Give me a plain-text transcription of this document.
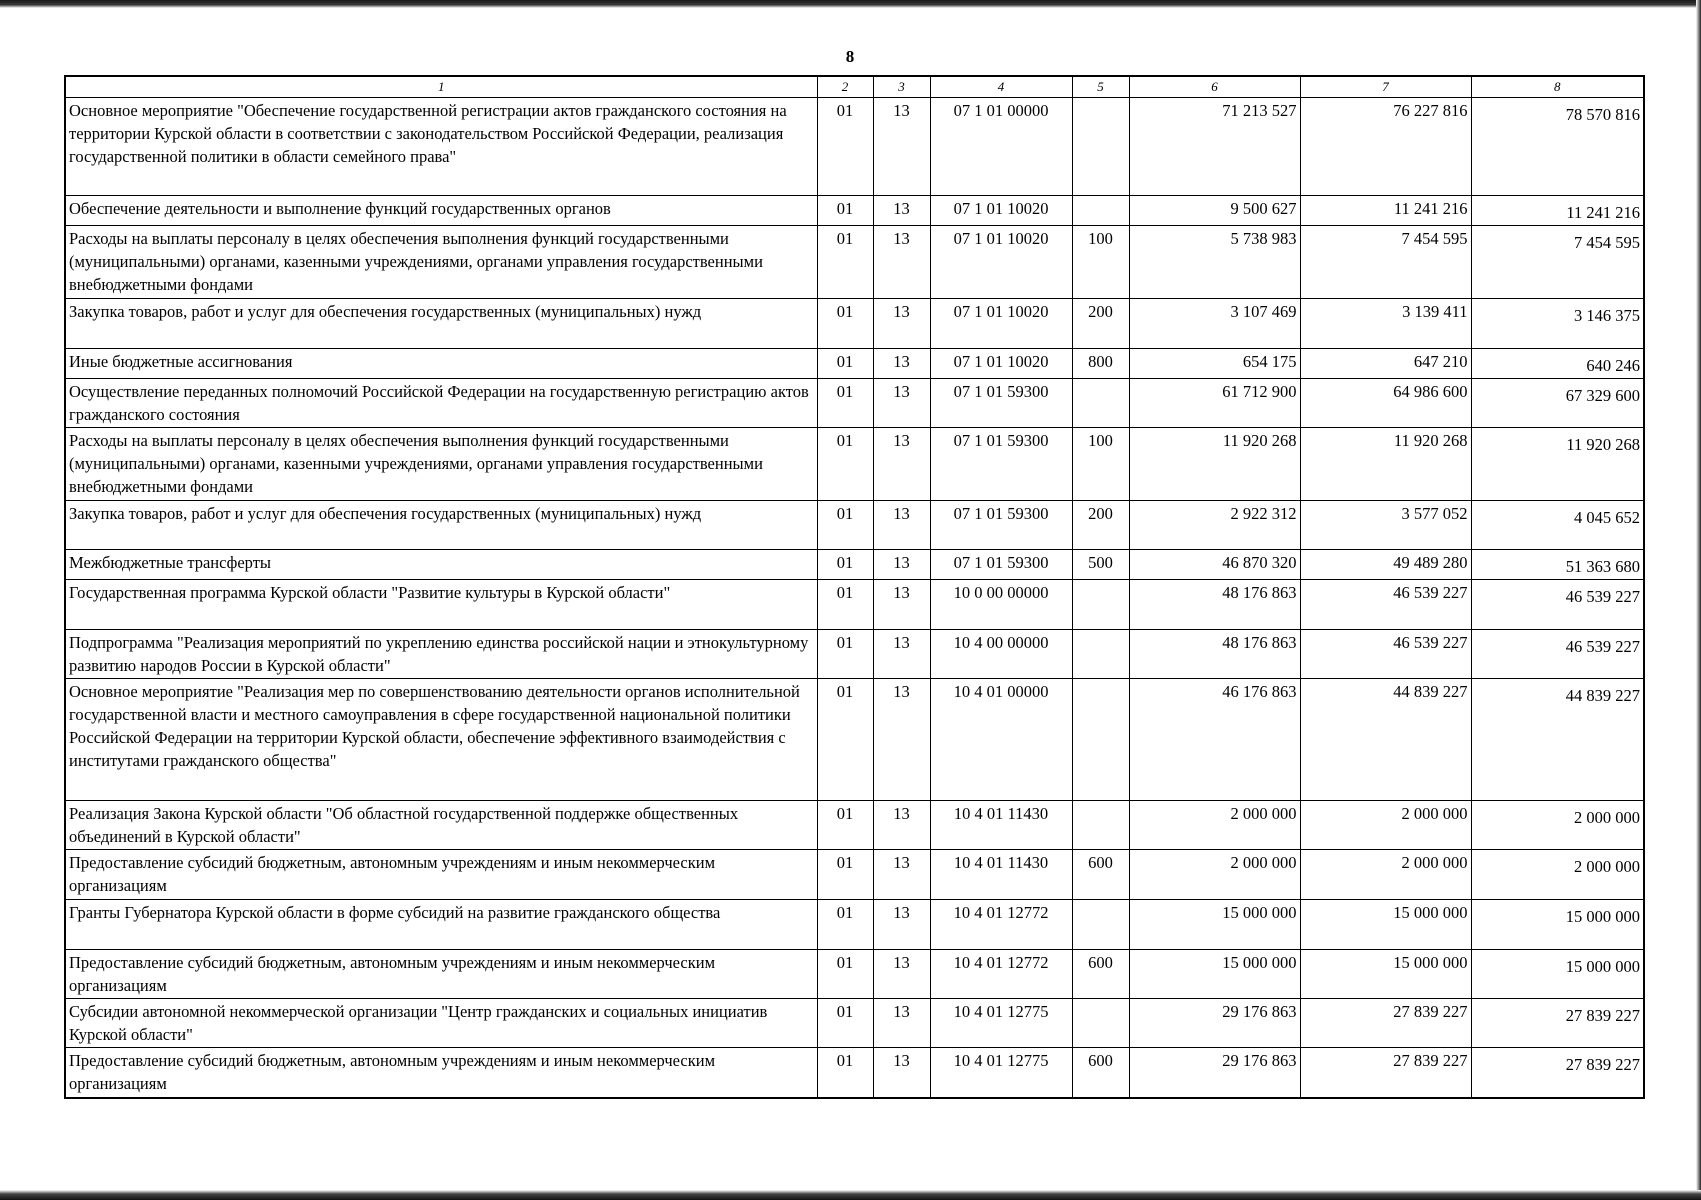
8
1	2	3	4	5	6	7	8
Основное мероприятие "Обеспечение государственной регистрации актов гражданского состояния на территории Курской области в соответствии с законодательством Российской Федерации, реализация государственной политики в области семейного права"	01	13	07 1 01 00000		71 213 527	76 227 816	78 570 816
Обеспечение деятельности и выполнение функций государственных органов	01	13	07 1 01 10020		9 500 627	11 241 216	11 241 216
Расходы на выплаты персоналу в целях обеспечения выполнения функций государственными (муниципальными) органами, казенными учреждениями, органами управления государственными внебюджетными фондами	01	13	07 1 01 10020	100	5 738 983	7 454 595	7 454 595
Закупка товаров, работ и услуг для обеспечения государственных (муниципальных) нужд	01	13	07 1 01 10020	200	3 107 469	3 139 411	3 146 375
Иные бюджетные ассигнования	01	13	07 1 01 10020	800	654 175	647 210	640 246
Осуществление переданных полномочий Российской Федерации на государственную регистрацию актов гражданского состояния	01	13	07 1 01 59300		61 712 900	64 986 600	67 329 600
Расходы на выплаты персоналу в целях обеспечения выполнения функций государственными (муниципальными) органами, казенными учреждениями, органами управления государственными внебюджетными фондами	01	13	07 1 01 59300	100	11 920 268	11 920 268	11 920 268
Закупка товаров, работ и услуг для обеспечения государственных (муниципальных) нужд	01	13	07 1 01 59300	200	2 922 312	3 577 052	4 045 652
Межбюджетные трансферты	01	13	07 1 01 59300	500	46 870 320	49 489 280	51 363 680
Государственная программа Курской области "Развитие культуры в Курской области"	01	13	10 0 00 00000		48 176 863	46 539 227	46 539 227
Подпрограмма "Реализация мероприятий по укреплению единства российской нации и этнокультурному развитию народов России в Курской области"	01	13	10 4 00 00000		48 176 863	46 539 227	46 539 227
Основное мероприятие "Реализация мер по совершенствованию деятельности органов исполнительной государственной власти и местного самоуправления в сфере государственной национальной политики Российской Федерации на территории Курской области, обеспечение эффективного взаимодействия с институтами гражданского общества"	01	13	10 4 01 00000		46 176 863	44 839 227	44 839 227
Реализация Закона Курской области "Об областной государственной поддержке общественных объединений в Курской области"	01	13	10 4 01 11430		2 000 000	2 000 000	2 000 000
Предоставление субсидий бюджетным, автономным учреждениям и иным некоммерческим организациям	01	13	10 4 01 11430	600	2 000 000	2 000 000	2 000 000
Гранты Губернатора Курской области в форме субсидий на развитие гражданского общества	01	13	10 4 01 12772		15 000 000	15 000 000	15 000 000
Предоставление субсидий бюджетным, автономным учреждениям и иным некоммерческим организациям	01	13	10 4 01 12772	600	15 000 000	15 000 000	15 000 000
Субсидии автономной некоммерческой организации "Центр гражданских и социальных инициатив Курской области"	01	13	10 4 01 12775		29 176 863	27 839 227	27 839 227
Предоставление субсидий бюджетным, автономным учреждениям и иным некоммерческим организациям	01	13	10 4 01 12775	600	29 176 863	27 839 227	27 839 227
